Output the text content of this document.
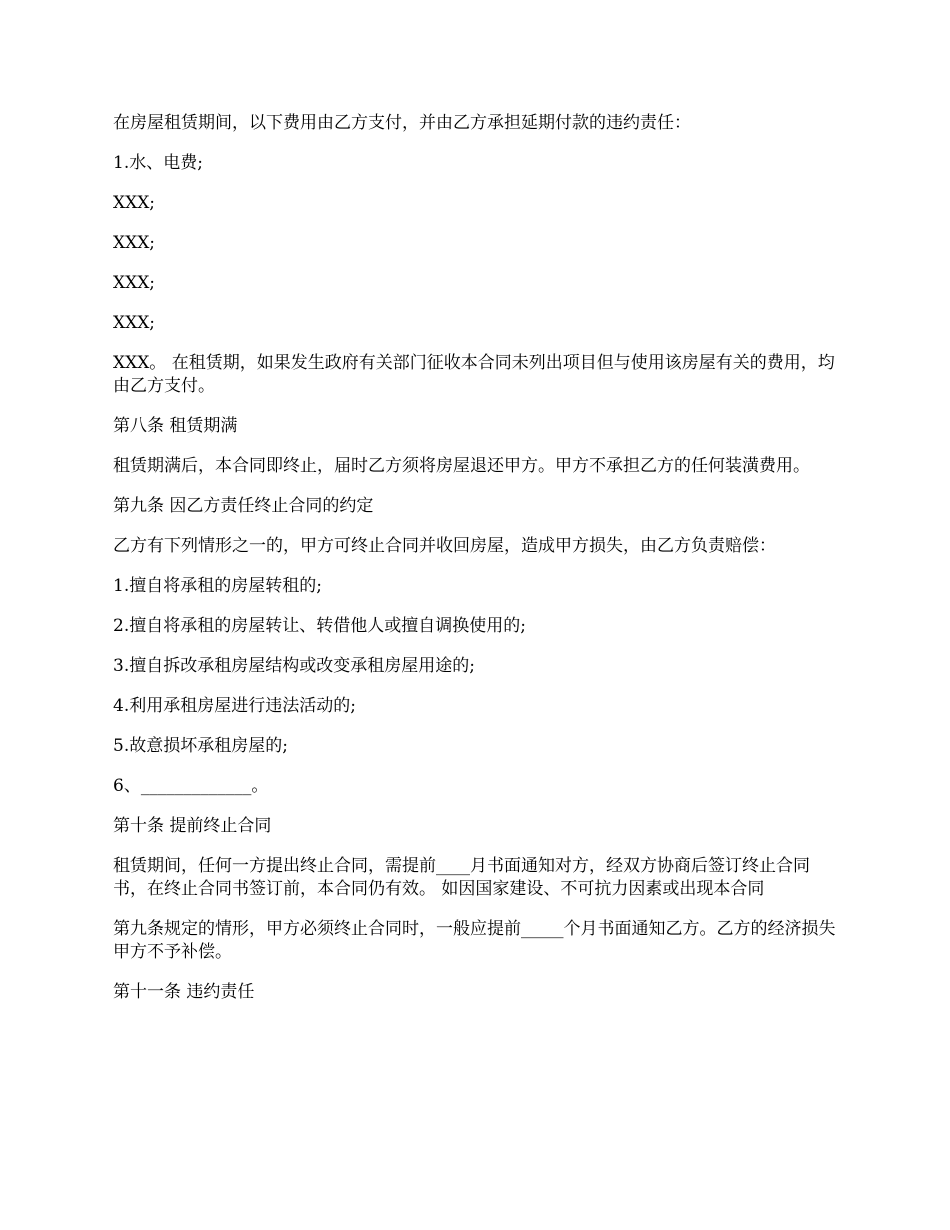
在房屋租赁期间，以下费用由乙方支付，并由乙方承担延期付款的违约责任：

1.水、电费;

XXX;

XXX;

XXX;

XXX;

XXX。 在租赁期，如果发生政府有关部门征收本合同未列出项目但与使用该房屋有关的费用，均由乙方支付。

第八条 租赁期满

租赁期满后，本合同即终止，届时乙方须将房屋退还甲方。甲方不承担乙方的任何装潢费用。

第九条 因乙方责任终止合同的约定

乙方有下列情形之一的，甲方可终止合同并收回房屋，造成甲方损失，由乙方负责赔偿：

1.擅自将承租的房屋转租的;

2.擅自将承租的房屋转让、转借他人或擅自调换使用的;

3.擅自拆改承租房屋结构或改变承租房屋用途的;

4.利用承租房屋进行违法活动的;

5.故意损坏承租房屋的;

6、_____________。

第十条 提前终止合同

租赁期间，任何一方提出终止合同，需提前____月书面通知对方，经双方协商后签订终止合同书，在终止合同书签订前，本合同仍有效。 如因国家建设、不可抗力因素或出现本合同

第九条规定的情形，甲方必须终止合同时，一般应提前_____个月书面通知乙方。乙方的经济损失甲方不予补偿。

第十一条 违约责任
